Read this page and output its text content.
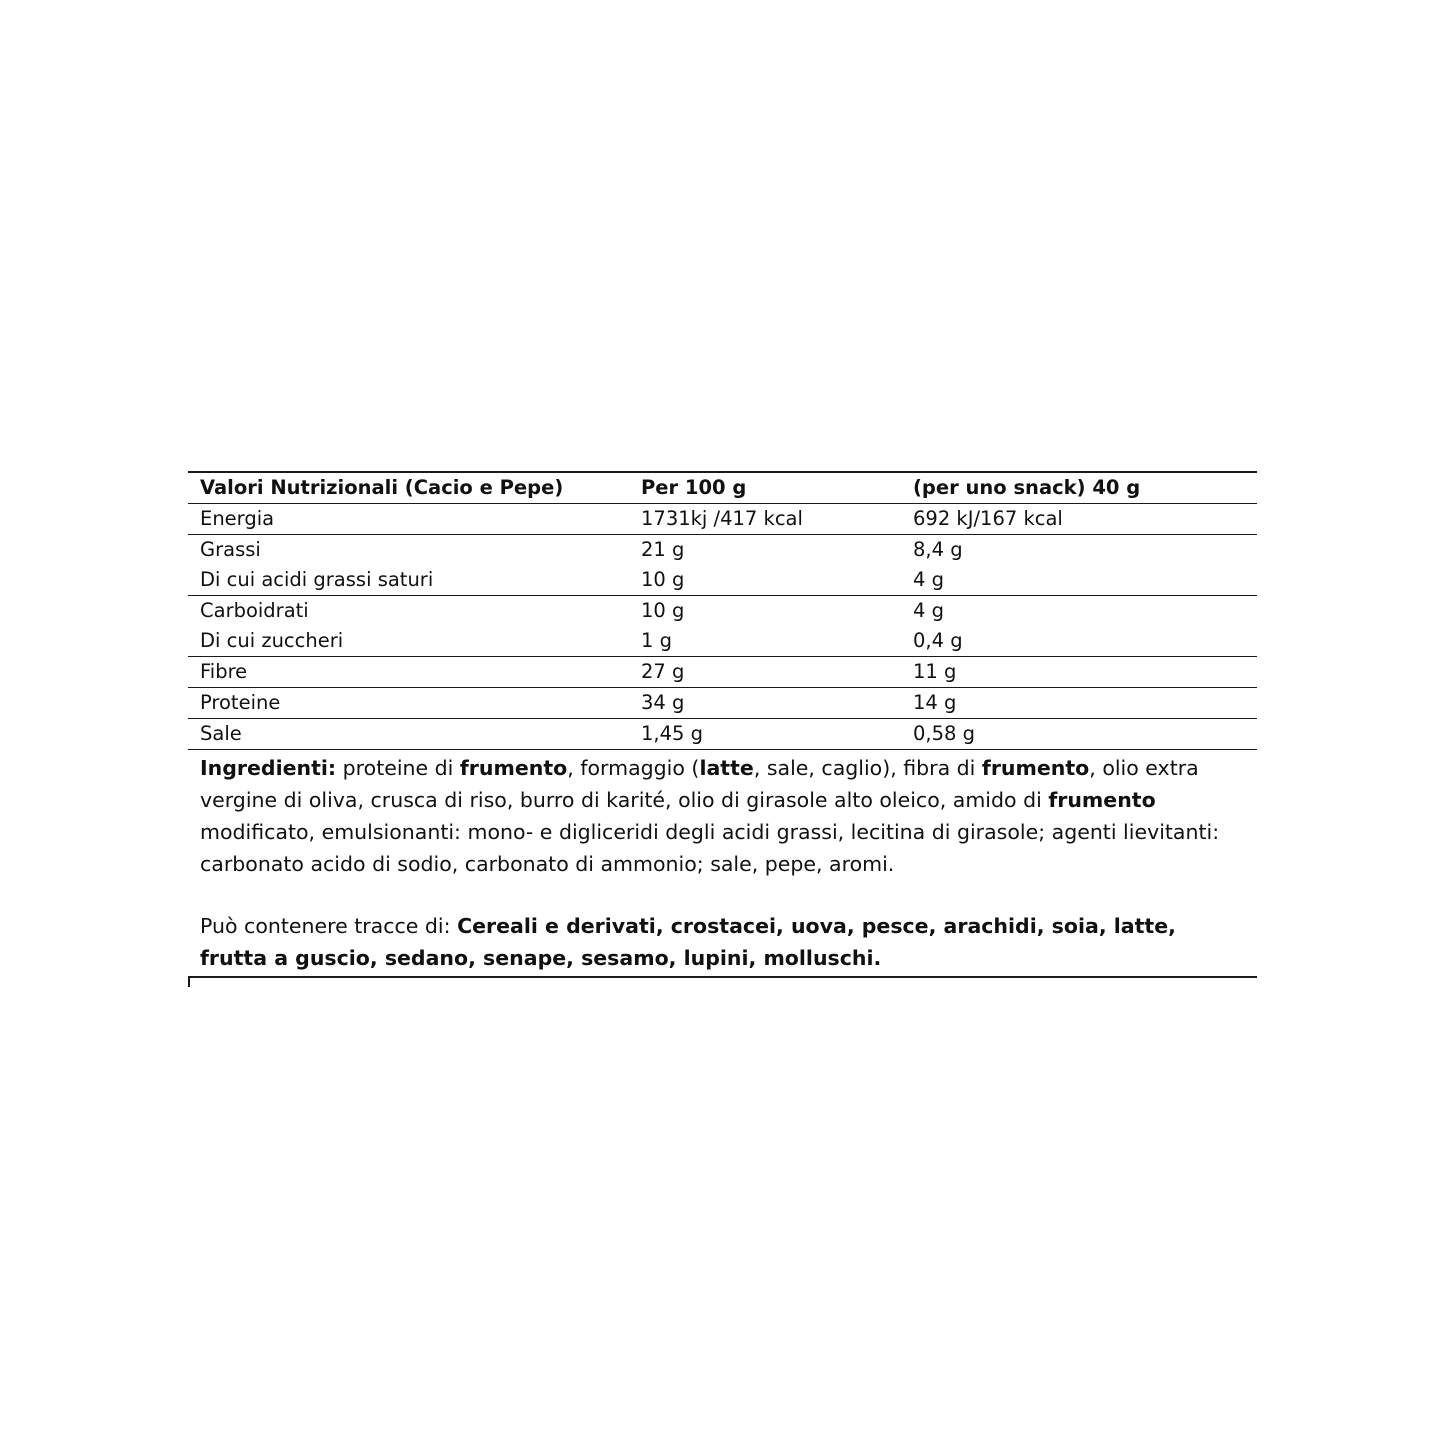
Valori Nutrizionali (Cacio e Pepe)	Per 100 g	(per uno snack) 40 g
Energia	1731kj /417 kcal	692 kJ/167 kcal
Grassi	21 g	8,4 g
Di cui acidi grassi saturi	10 g	4 g
Carboidrati	10 g	4 g
Di cui zuccheri	1 g	0,4 g
Fibre	27 g	11 g
Proteine	34 g	14 g
Sale	1,45 g	0,58 g
Ingredienti: proteine di frumento, formaggio (latte, sale, caglio), fibra di frumento, olio extra vergine di oliva, crusca di riso, burro di karité, olio di girasole alto oleico, amido di frumento modificato, emulsionanti: mono- e digliceridi degli acidi grassi, lecitina di girasole; agenti lievitanti: carbonato acido di sodio, carbonato di ammonio; sale, pepe, aromi.
Può contenere tracce di: Cereali e derivati, crostacei, uova, pesce, arachidi, soia, latte, frutta a guscio, sedano, senape, sesamo, lupini, molluschi.
